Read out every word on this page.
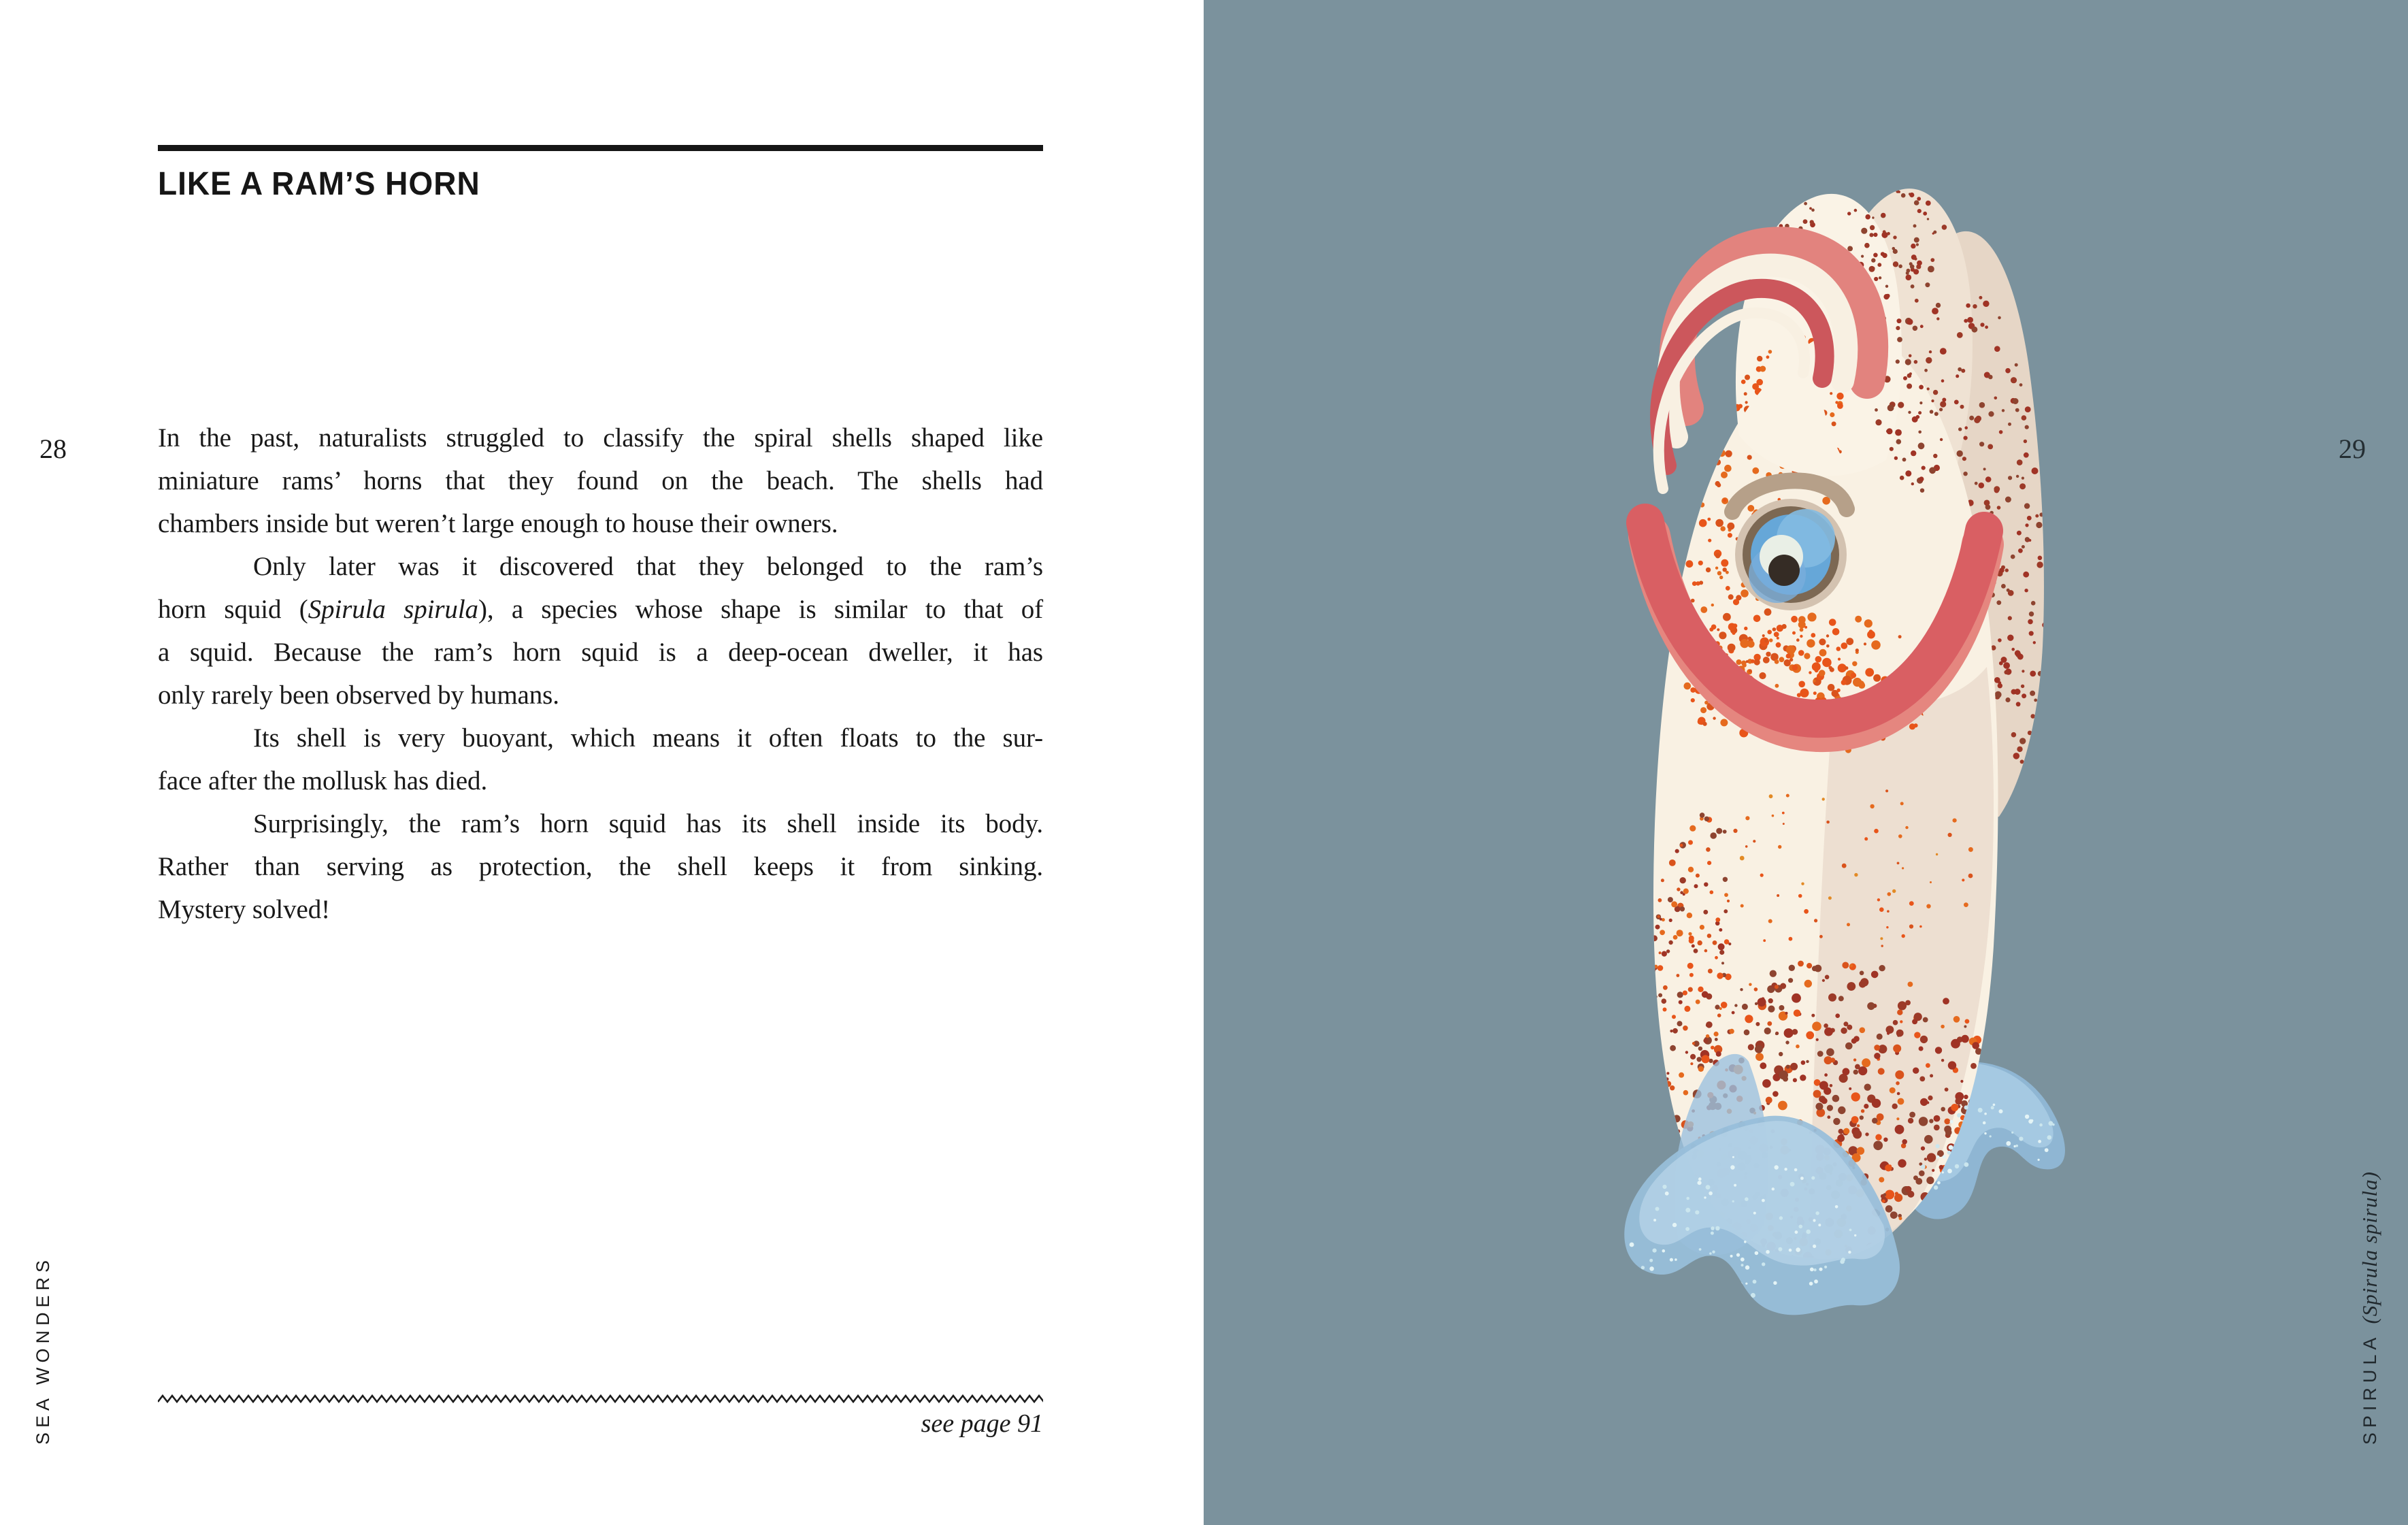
LIKE A RAM’S HORN
28	In the past, naturalists struggled to classify the spiral shells shaped like
miniature rams’ horns that they found on the beach. The shells had
chambers inside but weren’t large enough to house their owners.
Only later was it discovered that they belonged to the ram’s
horn squid (Spirula spirula), a species whose shape is similar to that of
a squid. Because the ram’s horn squid is a deep-ocean dweller, it has
only rarely been observed by humans.
Its shell is very buoyant, which means it often floats to the sur-
face after the mollusk has died.
Surprisingly, the ram’s horn squid has its shell inside its body.
Rather than serving as protection, the shell keeps it from sinking.
Mystery solved!
see page 91
SEA WONDERS
29
SPIRULA (Spirula spirula)
